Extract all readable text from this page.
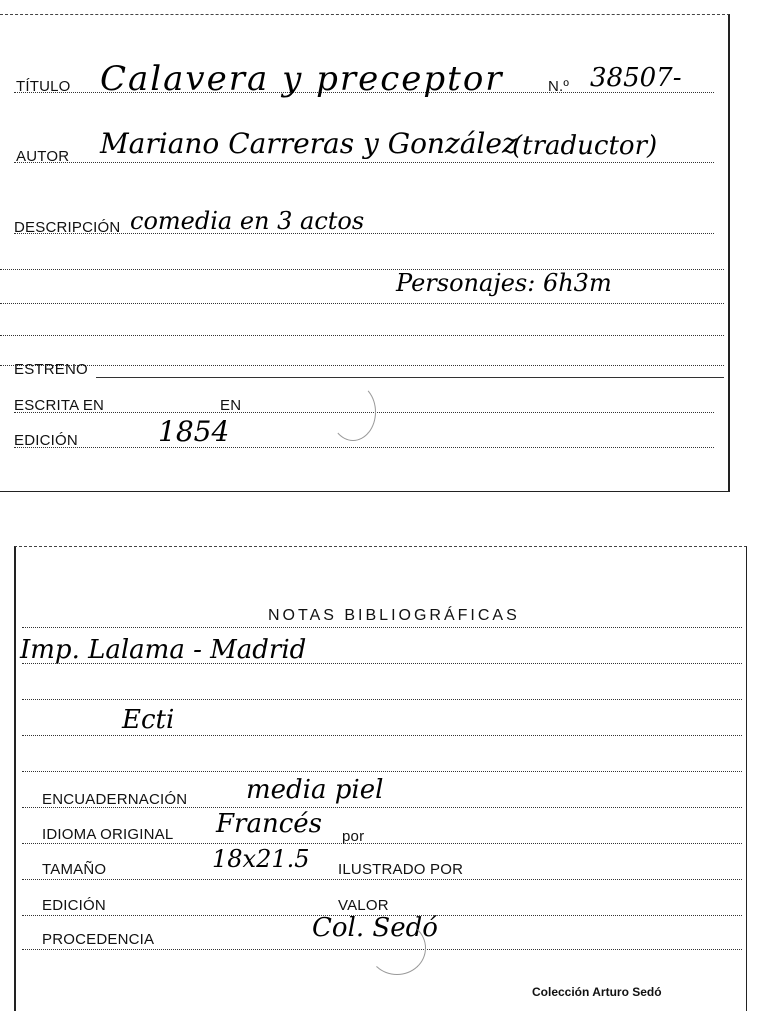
TÍTULO Calavera y preceptor	N.º 38507-
AUTOR Mariano Carreras y González
(traductor)
DESCRIPCIÓN comedia en 3 actos
Personajes: 6h3m
ESTRENO
ESCRITA EN	EN
EDICIÓN	1854
NOTAS BIBLIOGRÁFICAS
Imp. Lalama - Madrid
Ecti
ENCUADERNACIÓN media piel
IDIOMA ORIGINAL Francés por
TAMAÑO	18x21.5 ILUSTRADO POR
EDICIÓN	VALOR
PROCEDENCIA	Col. Sedó
Colección Arturo Sedó
